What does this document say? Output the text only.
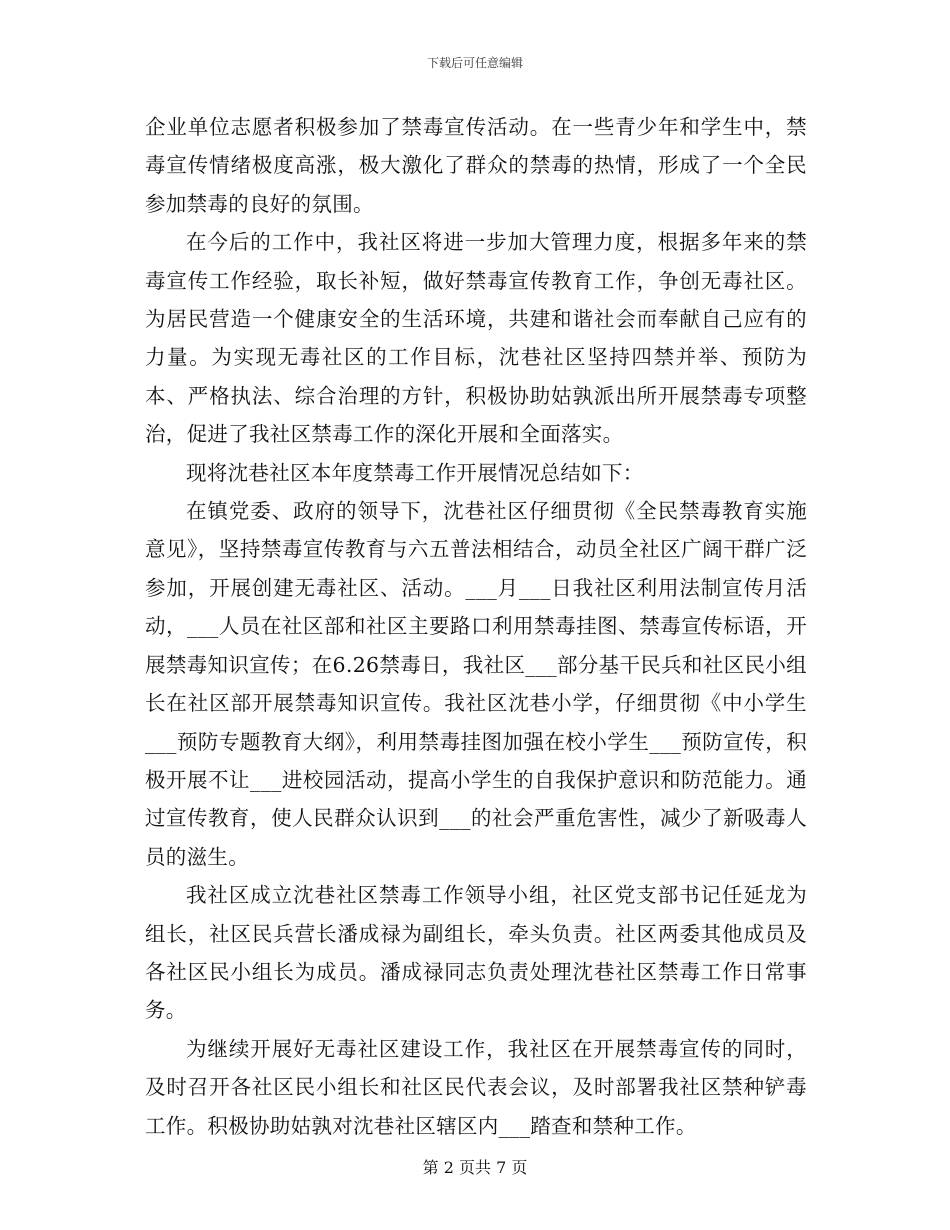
下载后可任意编辑

企业单位志愿者积极参加了禁毒宣传活动。在一些青少年和学生中，禁毒宣传情绪极度高涨，极大激化了群众的禁毒的热情，形成了一个全民参加禁毒的良好的氛围。

在今后的工作中，我社区将进一步加大管理力度，根据多年来的禁毒宣传工作经验，取长补短，做好禁毒宣传教育工作，争创无毒社区。为居民营造一个健康安全的生活环境，共建和谐社会而奉献自己应有的力量。为实现无毒社区的工作目标，沈巷社区坚持四禁并举、预防为本、严格执法、综合治理的方针，积极协助姑孰派出所开展禁毒专项整治，促进了我社区禁毒工作的深化开展和全面落实。

现将沈巷社区本年度禁毒工作开展情况总结如下：

在镇党委、政府的领导下，沈巷社区仔细贯彻《全民禁毒教育实施意见》，坚持禁毒宣传教育与六五普法相结合，动员全社区广阔干群广泛参加，开展创建无毒社区、活动。___月___日我社区利用法制宣传月活动，___人员在社区部和社区主要路口利用禁毒挂图、禁毒宣传标语，开展禁毒知识宣传；在6.26禁毒日，我社区___部分基干民兵和社区民小组长在社区部开展禁毒知识宣传。我社区沈巷小学，仔细贯彻《中小学生___预防专题教育大纲》，利用禁毒挂图加强在校小学生___预防宣传，积极开展不让___进校园活动，提高小学生的自我保护意识和防范能力。通过宣传教育，使人民群众认识到___的社会严重危害性，减少了新吸毒人员的滋生。

我社区成立沈巷社区禁毒工作领导小组，社区党支部书记任延龙为组长，社区民兵营长潘成禄为副组长，牵头负责。社区两委其他成员及各社区民小组长为成员。潘成禄同志负责处理沈巷社区禁毒工作日常事务。

为继续开展好无毒社区建设工作，我社区在开展禁毒宣传的同时，及时召开各社区民小组长和社区民代表会议，及时部署我社区禁种铲毒工作。积极协助姑孰对沈巷社区辖区内___踏查和禁种工作。

第 2 页共 7 页
